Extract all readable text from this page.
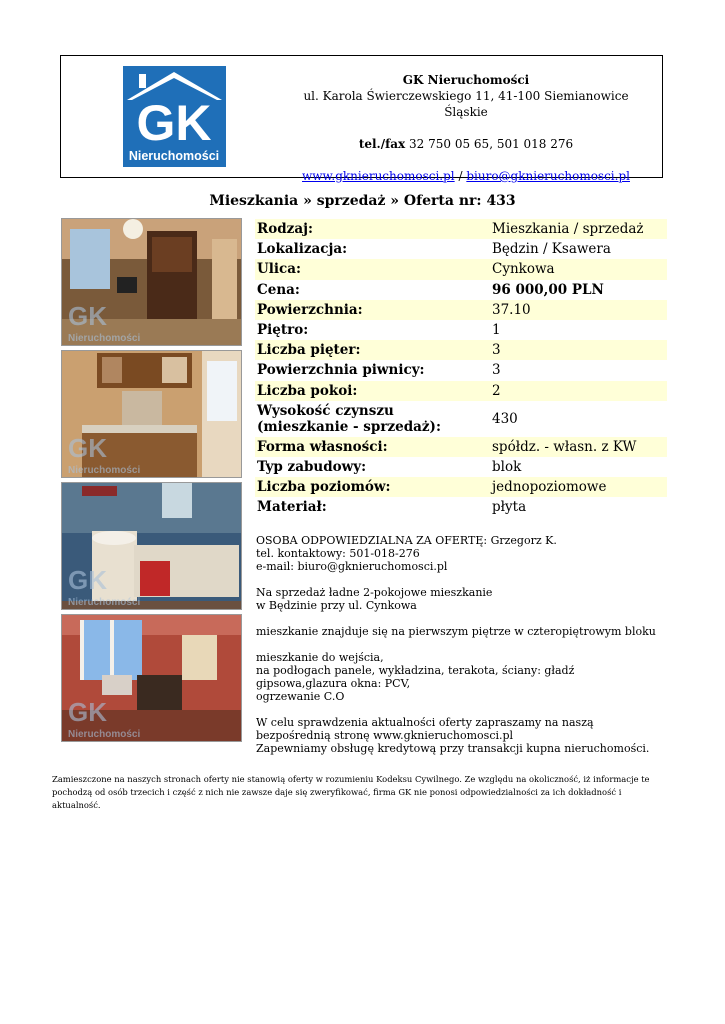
GK
Nieruchomości
GK Nieruchomości
ul. Karola Świerczewskiego 11, 41-100 Siemianowice Śląskie
tel./fax 32 750 05 65, 501 018 276
www.gknieruchomosci.pl / biuro@gknieruchomosci.pl
Mieszkania » sprzedaż » Oferta nr: 433
GK
Nieruchomości
GK
Nieruchomości
GK
Nieruchomości
GK
Nieruchomości
Rodzaj:	Mieszkania / sprzedaż
Lokalizacja:	Będzin / Ksawera
Ulica:	Cynkowa
Cena:	96 000,00 PLN
Powierzchnia:	37.10
Piętro:	1
Liczba pięter:	3
Powierzchnia piwnicy:	3
Liczba pokoi:	2
Wysokość czynszu (mieszkanie - sprzedaż):	430
Forma własności:	spółdz. - własn. z KW
Typ zabudowy:	blok
Liczba poziomów:	jednopoziomowe
Materiał:	płyta

OSOBA ODPOWIEDZIALNA ZA OFERTĘ: Grzegorz K.
tel. kontaktowy: 501-018-276
e-mail: biuro@gknieruchomosci.pl

Na sprzedaż ładne 2-pokojowe mieszkanie
w Będzinie przy ul. Cynkowa

mieszkanie znajduje się na pierwszym piętrze w czteropiętrowym bloku

mieszkanie do wejścia,
na podłogach panele, wykładzina, terakota, ściany: gładź gipsowa,glazura okna: PCV,
ogrzewanie C.O

W celu sprawdzenia aktualności oferty zapraszamy na naszą bezpośrednią stronę www.gknieruchomosci.pl
Zapewniamy obsługę kredytową przy transakcji kupna nieruchomości.

Zamieszczone na naszych stronach oferty nie stanowią oferty w rozumieniu Kodeksu Cywilnego. Ze względu na okoliczność, iż informacje te pochodzą od osób trzecich i część z nich nie zawsze daje się zweryfikować, firma GK nie ponosi odpowiedzialności za ich dokładność i aktualność.
